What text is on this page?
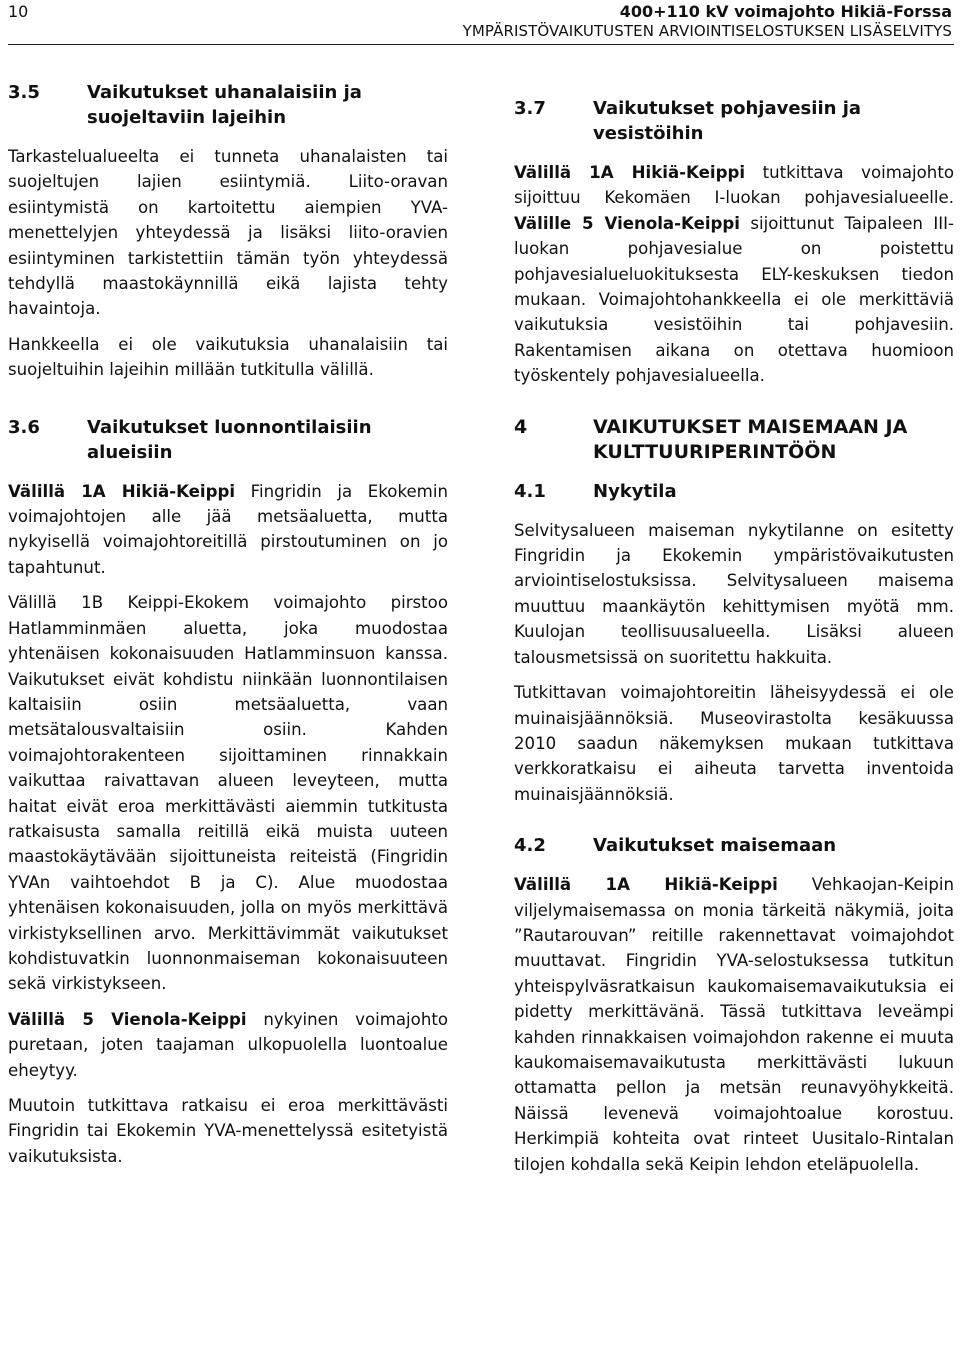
10	400+110 kV voimajohto Hikiä-Forssa
YMPÄRISTÖVAIKUTUSTEN ARVIOINTISELOSTUKSEN LISÄSELVITYS
3.5	Vaikutukset uhanalaisiin ja suojeltaviin lajeihin

Tarkastelualueelta ei tunneta uhanalaisten tai suojeltujen lajien esiintymiä. Liito-oravan esiintymistä on kartoitettu aiempien YVA-menettelyjen yhteydessä ja lisäksi liito-oravien esiintyminen tarkistettiin tämän työn yhteydessä tehdyllä maastokäynnillä eikä lajista tehty havaintoja.

Hankkeella ei ole vaikutuksia uhanalaisiin tai suojeltuihin lajeihin millään tutkitulla välillä.

3.6	Vaikutukset luonnontilaisiin alueisiin

Välillä 1A Hikiä-Keippi Fingridin ja Ekokemin voimajohtojen alle jää metsäaluetta, mutta nykyisellä voimajohtoreitillä pirstoutuminen on jo tapahtunut.

Välillä 1B Keippi-Ekokem voimajohto pirstoo Hatlamminmäen aluetta, joka muodostaa yhtenäisen kokonaisuuden Hatlamminsuon kanssa. Vaikutukset eivät kohdistu niinkään luonnontilaisen kaltaisiin osiin metsäaluetta, vaan metsätalousvaltaisiin osiin. Kahden voimajohtorakenteen sijoittaminen rinnakkain vaikuttaa raivattavan alueen leveyteen, mutta haitat eivät eroa merkittävästi aiemmin tutkitusta ratkaisusta samalla reitillä eikä muista uuteen maastokäytävään sijoittuneista reiteistä (Fingridin YVAn vaihtoehdot B ja C). Alue muodostaa yhtenäisen kokonaisuuden, jolla on myös merkittävä virkistyksellinen arvo. Merkittävimmät vaikutukset kohdistuvatkin luonnonmaiseman kokonaisuuteen sekä virkistykseen.

Välillä 5 Vienola-Keippi nykyinen voimajohto puretaan, joten taajaman ulkopuolella luontoalue eheytyy.

Muutoin tutkittava ratkaisu ei eroa merkittävästi Fingridin tai Ekokemin YVA-menettelyssä esitetyistä vaikutuksista.

3.7	Vaikutukset pohjavesiin ja vesistöihin

Välillä 1A Hikiä-Keippi tutkittava voimajohto sijoittuu Kekomäen I-luokan pohjavesialueelle. Välille 5 Vienola-Keippi sijoittunut Taipaleen III-luokan pohjavesialue on poistettu pohjavesialueluokituksesta ELY-keskuksen tiedon mukaan. Voimajohtohankkeella ei ole merkittäviä vaikutuksia vesistöihin tai pohjavesiin. Rakentamisen aikana on otettava huomioon työskentely pohjavesialueella.

4	VAIKUTUKSET MAISEMAAN JA KULTTUURIPERINTÖÖN
4.1	Nykytila

Selvitysalueen maiseman nykytilanne on esitetty Fingridin ja Ekokemin ympäristövaikutusten arviointiselostuksissa. Selvitysalueen maisema muuttuu maankäytön kehittymisen myötä mm. Kuulojan teollisuusalueella. Lisäksi alueen talousmetsissä on suoritettu hakkuita.

Tutkittavan voimajohtoreitin läheisyydessä ei ole muinaisjäännöksiä. Museovirastolta kesäkuussa 2010 saadun näkemyksen mukaan tutkittava verkkoratkaisu ei aiheuta tarvetta inventoida muinaisjäännöksiä.

4.2	Vaikutukset maisemaan

Välillä 1A Hikiä-Keippi Vehkaojan-Keipin viljelymaisemassa on monia tärkeitä näkymiä, joita ”Rautarouvan” reitille rakennettavat voimajohdot muuttavat. Fingridin YVA-selostuksessa tutkitun yhteispylväsratkaisun kaukomaisemavaikutuksia ei pidetty merkittävänä. Tässä tutkittava leveämpi kahden rinnakkaisen voimajohdon rakenne ei muuta kaukomaisemavaikutusta merkittävästi lukuun ottamatta pellon ja metsän reunavyöhykkeitä. Näissä levenevä voimajohtoalue korostuu. Herkimpiä kohteita ovat rinteet Uusitalo-Rintalan tilojen kohdalla sekä Keipin lehdon eteläpuolella.
